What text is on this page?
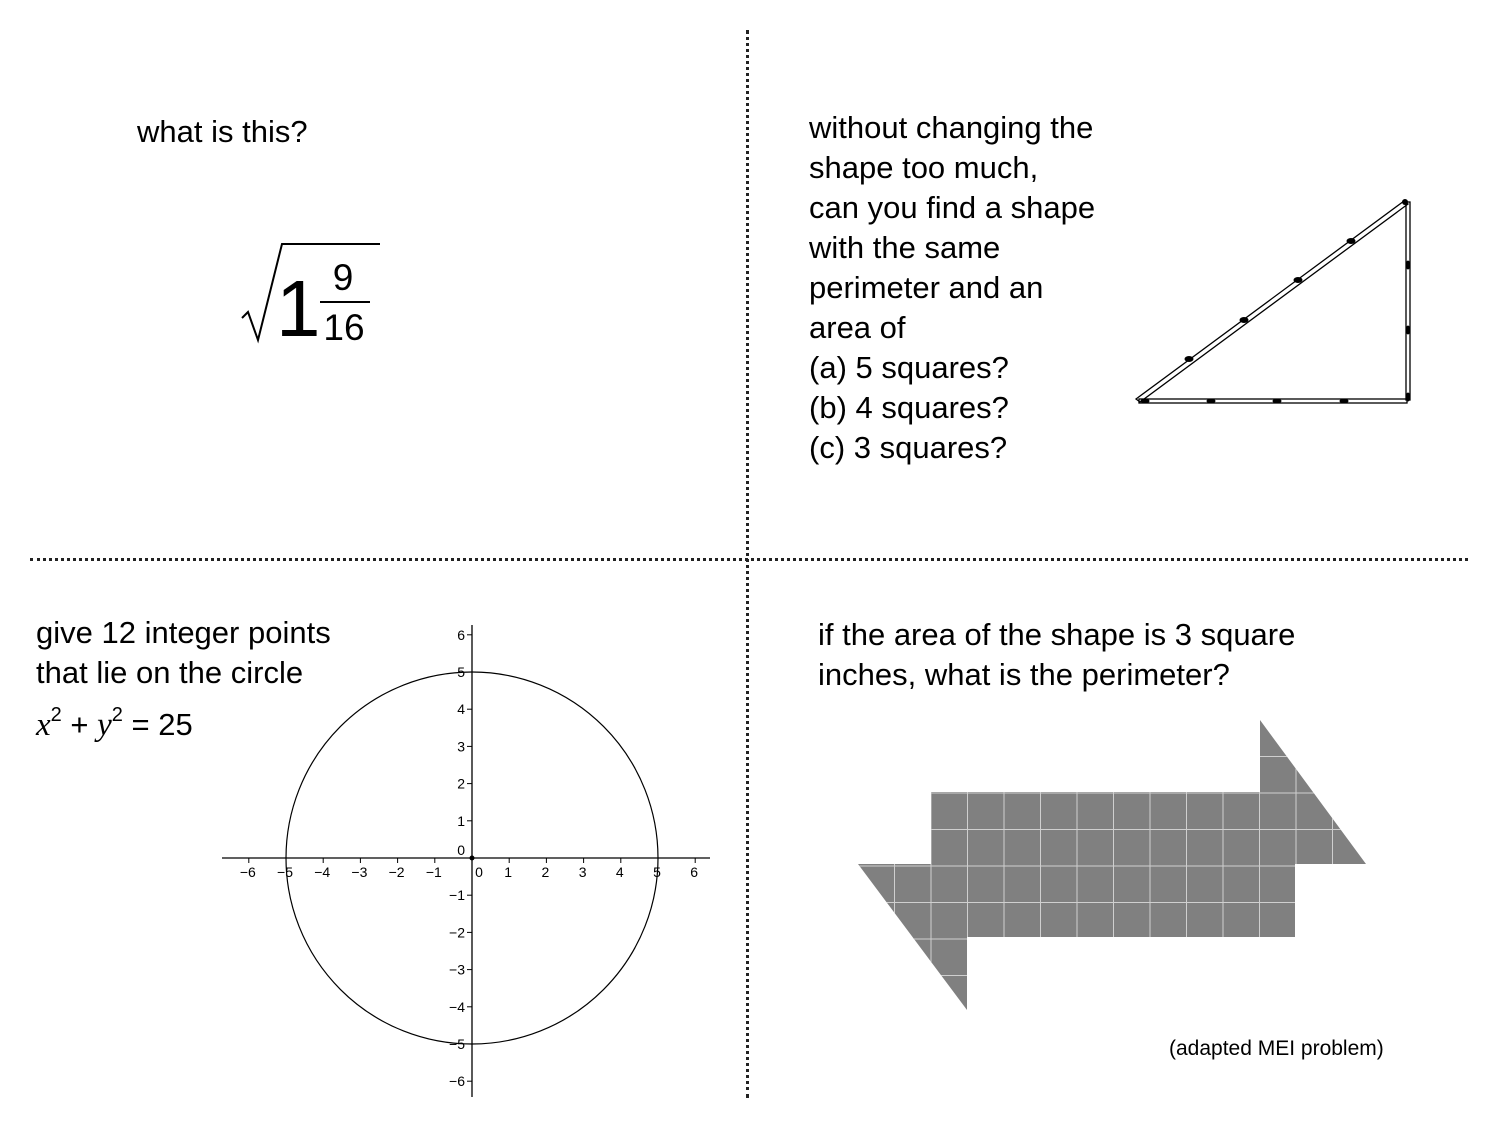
what is this?
1 9
16
without changing the
shape too much,
can you find a shape
with the same
perimeter and an
area of
(a) 5 squares?
(b) 4 squares?
(c) 3 squares?
give 12 integer points
that lie on the circle
$x^2 + y^2 = 25$
−6 −5 −4 −3 −2 −1 0 1 2 3 4 5 6
6
5
4
3
2
1
0
−1
−2
−3
−4
−5
−6
if the area of the shape is 3 square
inches, what is the perimeter?
(adapted MEI problem)
